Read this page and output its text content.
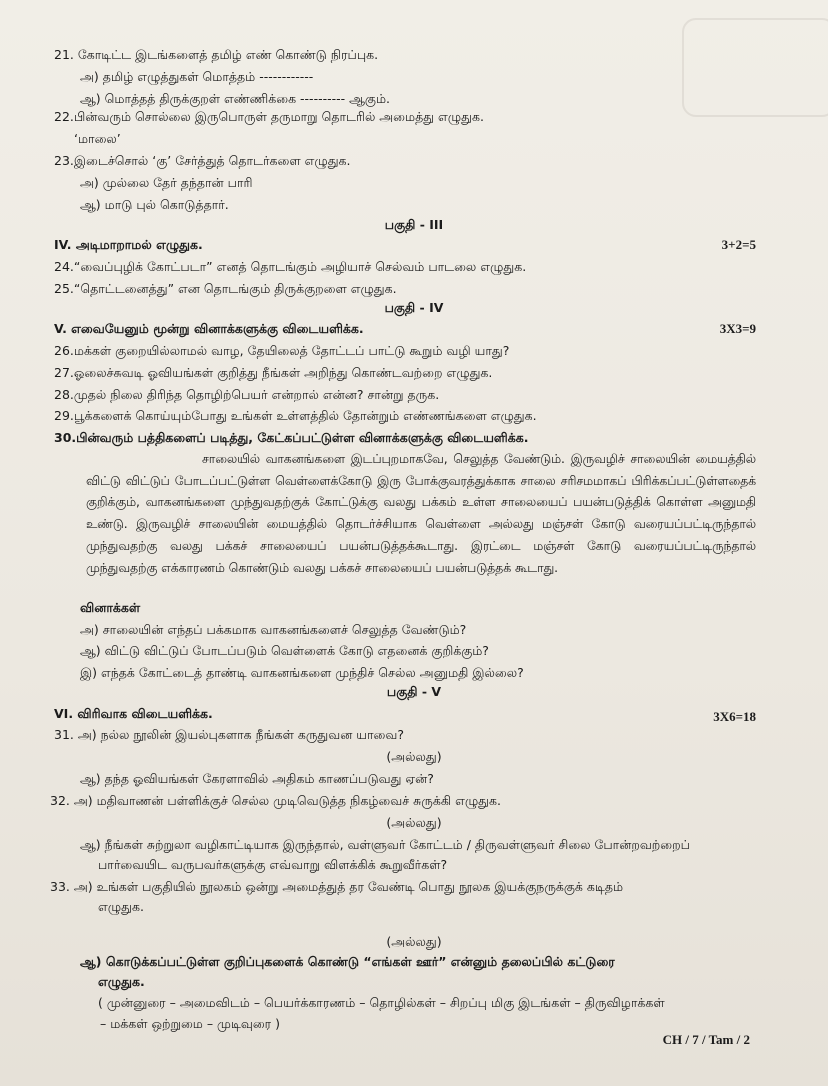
21. கோடிட்ட இடங்களைத் தமிழ் எண் கொண்டு நிரப்புக.
அ) தமிழ் எழுத்துகள் மொத்தம் ------------
ஆ) மொத்தத் திருக்குறள் எண்ணிக்கை ---------- ஆகும்.
22.பின்வரும் சொல்லை இருபொருள் தருமாறு தொடரில் அமைத்து எழுதுக.
‘மாலை’
23.இடைச்சொல் ‘கு’ சேர்த்துத் தொடர்களை எழுதுக.
அ) முல்லை தேர் தந்தான் பாரி
ஆ) மாடு புல் கொடுத்தார்.
பகுதி - III
IV. அடிமாறாமல் எழுதுக.	3+2=5
24.“வைப்புழிக் கோட்படா” எனத் தொடங்கும் அழியாச் செல்வம் பாடலை எழுதுக.
25.“தொட்டனைத்து” என தொடங்கும் திருக்குறளை எழுதுக.
பகுதி - IV
V. எவையேனும் மூன்று வினாக்களுக்கு விடையளிக்க.	3X3=9
26.மக்கள் குறையில்லாமல் வாழ, தேயிலைத் தோட்டப் பாட்டு கூறும் வழி யாது?
27.ஓலைச்சுவடி ஓவியங்கள் குறித்து நீங்கள் அறிந்து கொண்டவற்றை எழுதுக.
28.முதல் நிலை திரிந்த தொழிற்பெயர் என்றால் என்ன? சான்று தருக.
29.பூக்களைக் கொய்யும்போது உங்கள் உள்ளத்தில் தோன்றும் எண்ணங்களை எழுதுக.
30.பின்வரும் பத்திகளைப் படித்து, கேட்கப்பட்டுள்ள வினாக்களுக்கு விடையளிக்க.
சாலையில் வாகனங்களை இடப்புறமாகவே, செலுத்த வேண்டும். இருவழிச் சாலையின் மையத்தில் விட்டு விட்டுப் போடப்பட்டுள்ள வெள்ளைக்கோடு இரு போக்குவரத்துக்காக சாலை சரிசமமாகப் பிரிக்கப்பட்டுள்ளதைக் குறிக்கும், வாகனங்களை முந்துவதற்குக் கோட்டுக்கு வலது பக்கம் உள்ள சாலையைப் பயன்படுத்திக் கொள்ள அனுமதி உண்டு. இருவழிச் சாலையின் மையத்தில் தொடர்ச்சியாக வெள்ளை அல்லது மஞ்சள் கோடு வரையப்பட்டிருந்தால் முந்துவதற்கு வலது பக்கச் சாலையைப் பயன்படுத்தக்கூடாது. இரட்டை மஞ்சள் கோடு வரையப்பட்டிருந்தால் முந்துவதற்கு எக்காரணம் கொண்டும் வலது பக்கச் சாலையைப் பயன்படுத்தக் கூடாது.
வினாக்கள்
அ) சாலையின் எந்தப் பக்கமாக வாகனங்களைச் செலுத்த வேண்டும்?
ஆ) விட்டு விட்டுப் போடப்படும் வெள்ளைக் கோடு எதனைக் குறிக்கும்?
இ) எந்தக் கோட்டைத் தாண்டி வாகனங்களை முந்திச் செல்ல அனுமதி இல்லை?
பகுதி - V
VI. விரிவாக விடையளிக்க.	3X6=18
31. அ) நல்ல நூலின் இயல்புகளாக நீங்கள் கருதுவன யாவை?
(அல்லது)
ஆ) தந்த ஓவியங்கள் கேரளாவில் அதிகம் காணப்படுவது ஏன்?
32. அ) மதிவாணன் பள்ளிக்குச் செல்ல முடிவெடுத்த நிகழ்வைச் சுருக்கி எழுதுக.
(அல்லது)
ஆ) நீங்கள் சுற்றுலா வழிகாட்டியாக இருந்தால், வள்ளுவர் கோட்டம் / திருவள்ளுவர் சிலை போன்றவற்றைப்
பார்வையிட வருபவர்களுக்கு எவ்வாறு விளக்கிக் கூறுவீர்கள்?
33. அ) உங்கள் பகுதியில் நூலகம் ஒன்று அமைத்துத் தர வேண்டி பொது நூலக இயக்குநருக்குக் கடிதம்
எழுதுக.
(அல்லது)
ஆ) கொடுக்கப்பட்டுள்ள குறிப்புகளைக் கொண்டு “எங்கள் ஊர்” என்னும் தலைப்பில் கட்டுரை
எழுதுக.
( முன்னுரை – அமைவிடம் – பெயர்க்காரணம் – தொழில்கள் – சிறப்பு மிகு இடங்கள் – திருவிழாக்கள்
– மக்கள் ஒற்றுமை – முடிவுரை )
CH / 7 / Tam / 2
